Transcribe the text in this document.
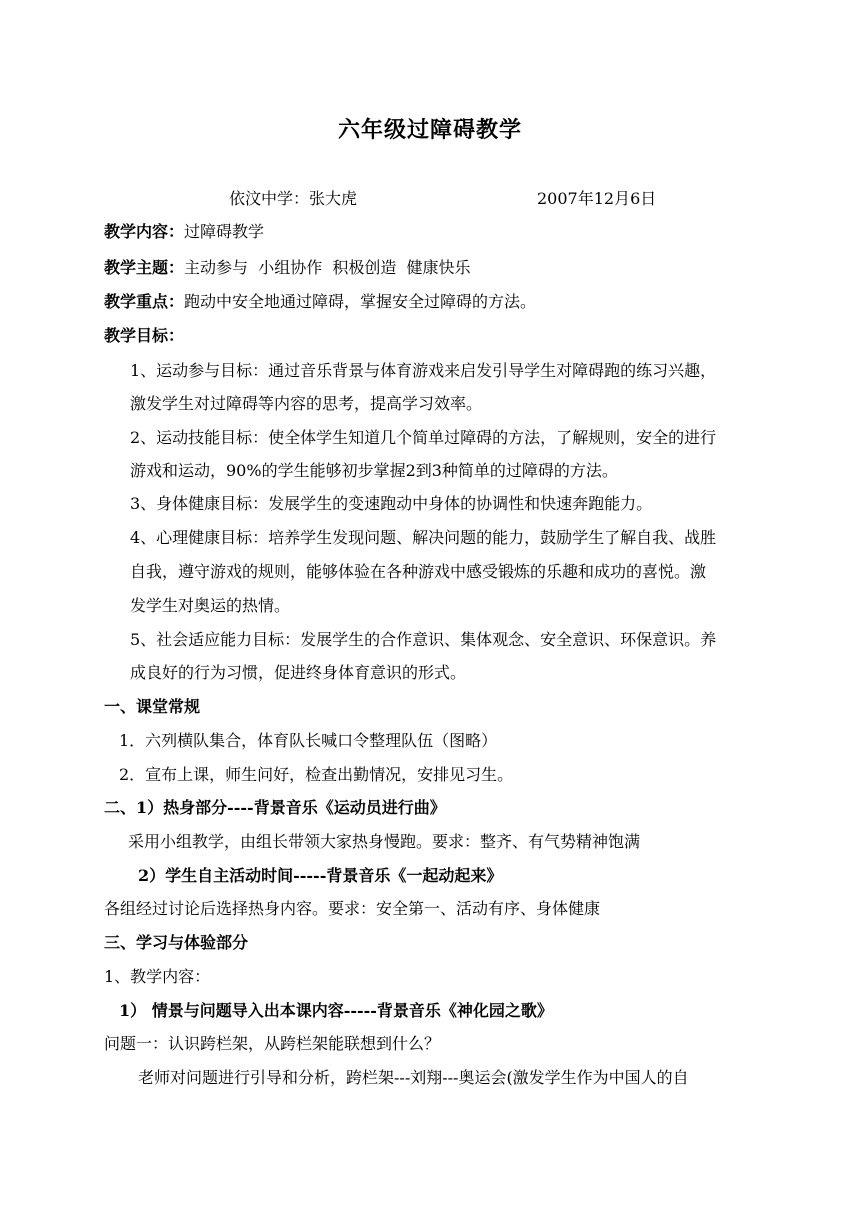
六年级过障碍教学
依汶中学：张大虎	2007年12月6日
教学内容：过障碍教学
教学主题：主动参与  小组协作  积极创造  健康快乐
教学重点：跑动中安全地通过障碍，掌握安全过障碍的方法。
教学目标：
1、运动参与目标：通过音乐背景与体育游戏来启发引导学生对障碍跑的练习兴趣，
激发学生对过障碍等内容的思考，提高学习效率。
2、运动技能目标：使全体学生知道几个简单过障碍的方法，了解规则，安全的进行
游戏和运动，90%的学生能够初步掌握2到3种简单的过障碍的方法。
3、身体健康目标：发展学生的变速跑动中身体的协调性和快速奔跑能力。
4、心理健康目标：培养学生发现问题、解决问题的能力，鼓励学生了解自我、战胜
自我，遵守游戏的规则，能够体验在各种游戏中感受锻炼的乐趣和成功的喜悦。激
发学生对奥运的热情。
5、社会适应能力目标：发展学生的合作意识、集体观念、安全意识、环保意识。养
成良好的行为习惯，促进终身体育意识的形式。
一、课堂常规
1．六列横队集合，体育队长喊口令整理队伍（图略）
2．宣布上课，师生问好，检查出勤情况，安排见习生。
二、1）热身部分----背景音乐《运动员进行曲》
采用小组教学，由组长带领大家热身慢跑。要求：整齐、有气势精神饱满
2）学生自主活动时间-----背景音乐《一起动起来》
各组经过讨论后选择热身内容。要求：安全第一、活动有序、身体健康
三、学习与体验部分
1、教学内容：
1） 情景与问题导入出本课内容-----背景音乐《神化园之歌》
问题一：认识跨栏架，从跨栏架能联想到什么？
老师对问题进行引导和分析，跨栏架---刘翔---奥运会(激发学生作为中国人的自
